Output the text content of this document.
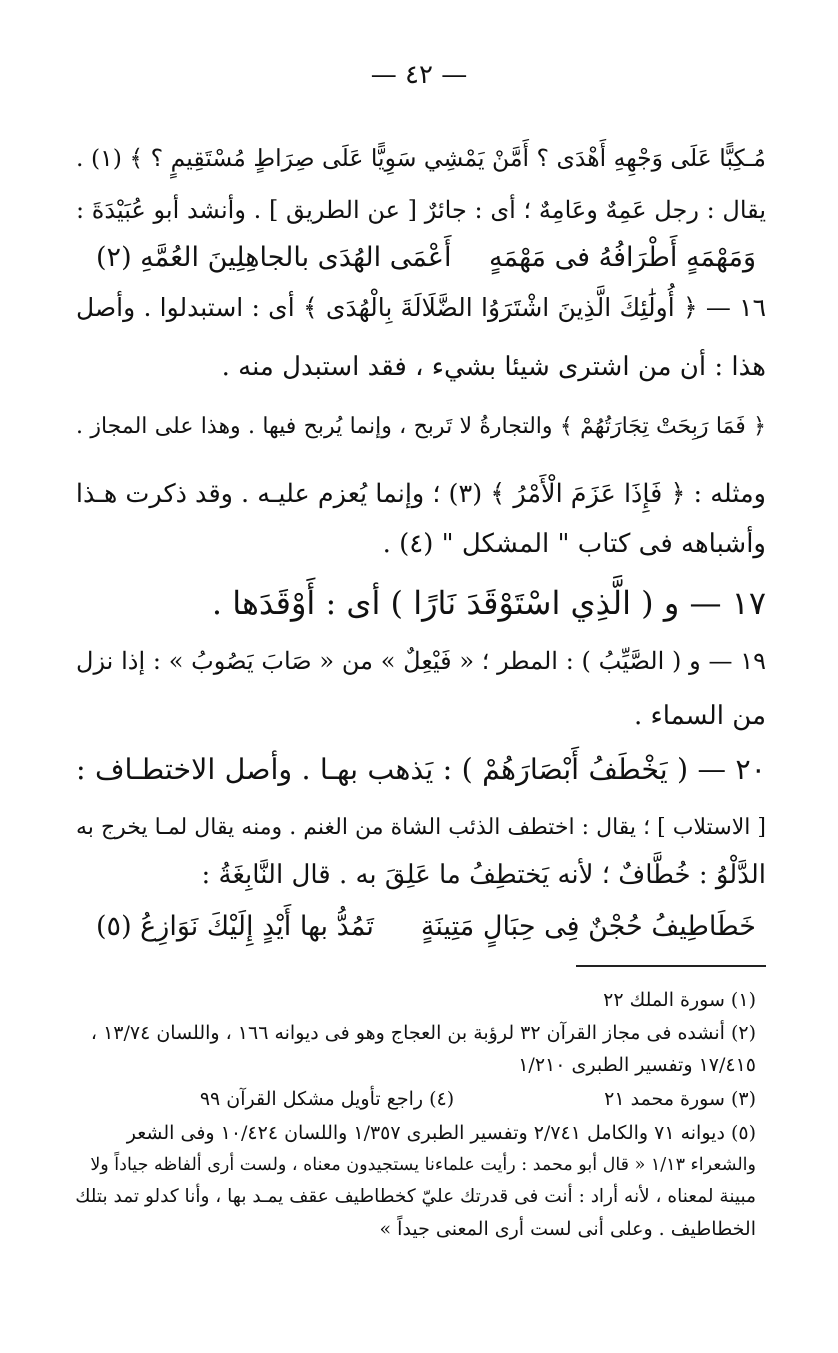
— ٤٢ —
مُـكِبًّا عَلَى وَجْهِهِ أَهْدَى ؟ أَمَّنْ يَمْشِي سَوِيًّا عَلَى صِرَاطٍ مُسْتَقِيمٍ ؟ ﴾ (١) .
يقال : رجل عَمِهٌ وعَامِهٌ ؛ أى : جائرٌ [ عن الطريق ] . وأنشد أبو عُبَيْدَةَ :
وَمَهْمَهٍ أَطْرَافُهُ فى مَهْمَهٍ
أَعْمَى الهُدَى بالجاهِلِينَ العُمَّهِ (٢)
١٦ — ﴿ أُولَٰئِكَ الَّذِينَ اشْتَرَوُا الضَّلَالَةَ بِالْهُدَى ﴾ أى : استبدلوا . وأصل
هذا : أن من اشترى شيئا بشيء ، فقد استبدل منه .
﴿ فَمَا رَبِحَتْ تِجَارَتُهُمْ ﴾ والتجارةُ لا تَربح ، وإنما يُربح فيها . وهذا على المجاز .
ومثله : ﴿ فَإِذَا عَزَمَ الْأَمْرُ ﴾ (٣) ؛ وإنما يُعزم عليـه . وقد ذكرت هـذا
وأشباهه فى كتاب " المشكل " (٤) .
١٧ — و ( الَّذِي اسْتَوْقَدَ نَارًا ) أى : أَوْقَدَها .
١٩ — و ( الصَّيِّبُ ) : المطر ؛ « فَيْعِلٌ » من « صَابَ يَصُوبُ » : إذا نزل
من السماء .
٢٠ — ( يَخْطَفُ أَبْصَارَهُمْ ) : يَذهب بهـا . وأصل الاختطـاف :
[ الاستلاب ] ؛ يقال : اختطف الذئب الشاة من الغنم . ومنه يقال لمـا يخرج به
الدَّلْوُ : خُطَّافٌ ؛ لأنه يَختطِفُ ما عَلِقَ به . قال النَّابِغَةُ :
خَطَاطِيفُ حُجْنٌ فِى حِبَالٍ مَتِينَةٍ
تَمُدُّ بها أَيْدٍ إِلَيْكَ نَوَازِعُ (٥)
(١) سورة الملك ٢٢
(٢) أنشده فى مجاز القرآن ٣٢ لرؤبة بن العجاج وهو فى ديوانه ١٦٦ ، واللسان ١٣/٧٤ ،
١٧/٤١٥ وتفسير الطبرى ١/٢١٠
(٣) سورة محمد ٢١
(٤) راجع تأويل مشكل القرآن ٩٩
(٥) ديوانه ٧١ والكامل ٢/٧٤١ وتفسير الطبرى ١/٣٥٧ واللسان ١٠/٤٢٤ وفى الشعر
والشعراء ١/١٣ « قال أبو محمد : رأيت علماءنا يستجيدون معناه ، ولست أرى ألفاظه جياداً ولا
مبينة لمعناه ، لأنه أراد : أنت فى قدرتك عليّ كخطاطيف عقف يمـد بها ، وأنا كدلو تمد بتلك
الخطاطيف . وعلى أنى لست أرى المعنى جيداً »
